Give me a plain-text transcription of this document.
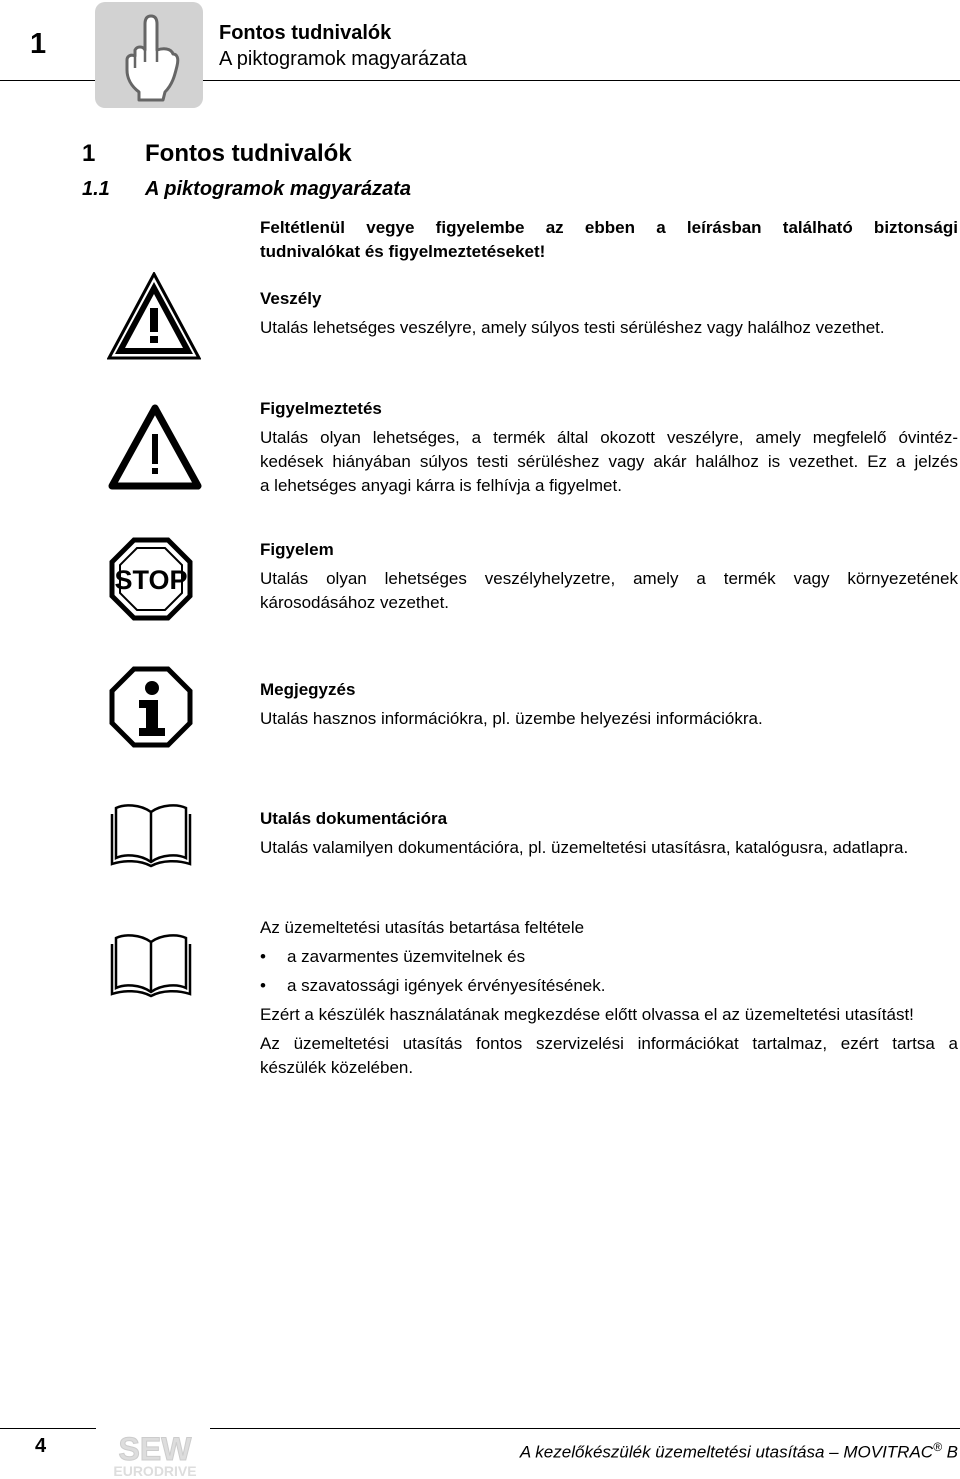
1	Fontos tudnivalók
A piktogramok magyarázata
1 Fontos tudnivalók
1.1 A piktogramok magyarázata
Feltétlenül vegye figyelembe az ebben a leírásban található biztonsági
tudnivalókat és figyelmeztetéseket!
Veszély
Utalás lehetséges veszélyre, amely súlyos testi sérüléshez vagy halálhoz vezethet.
Figyelmeztetés
Utalás olyan lehetséges, a termék által okozott veszélyre, amely megfelelő óvintéz-
kedések hiányában súlyos testi sérüléshez vagy akár halálhoz is vezethet. Ez a jelzés
a lehetséges anyagi kárra is felhívja a figyelmet.
STOP
Figyelem
Utalás olyan lehetséges veszélyhelyzetre, amely a termék vagy környezetének
károsodásához vezethet.
Megjegyzés
Utalás hasznos információkra, pl. üzembe helyezési információkra.
Utalás dokumentációra
Utalás valamilyen dokumentációra, pl. üzemeltetési utasításra, katalógusra, adatlapra.
Az üzemeltetési utasítás betartása feltétele
• a zavarmentes üzemvitelnek és
• a szavatossági igények érvényesítésének.
Ezért a készülék használatának megkezdése előtt olvassa el az üzemeltetési utasítást!
Az üzemeltetési utasítás fontos szervizelési információkat tartalmaz, ezért tartsa a
készülék közelében.
4 SEW
EURODRIVE
A kezelőkészülék üzemeltetési utasítása – MOVITRAC® B
